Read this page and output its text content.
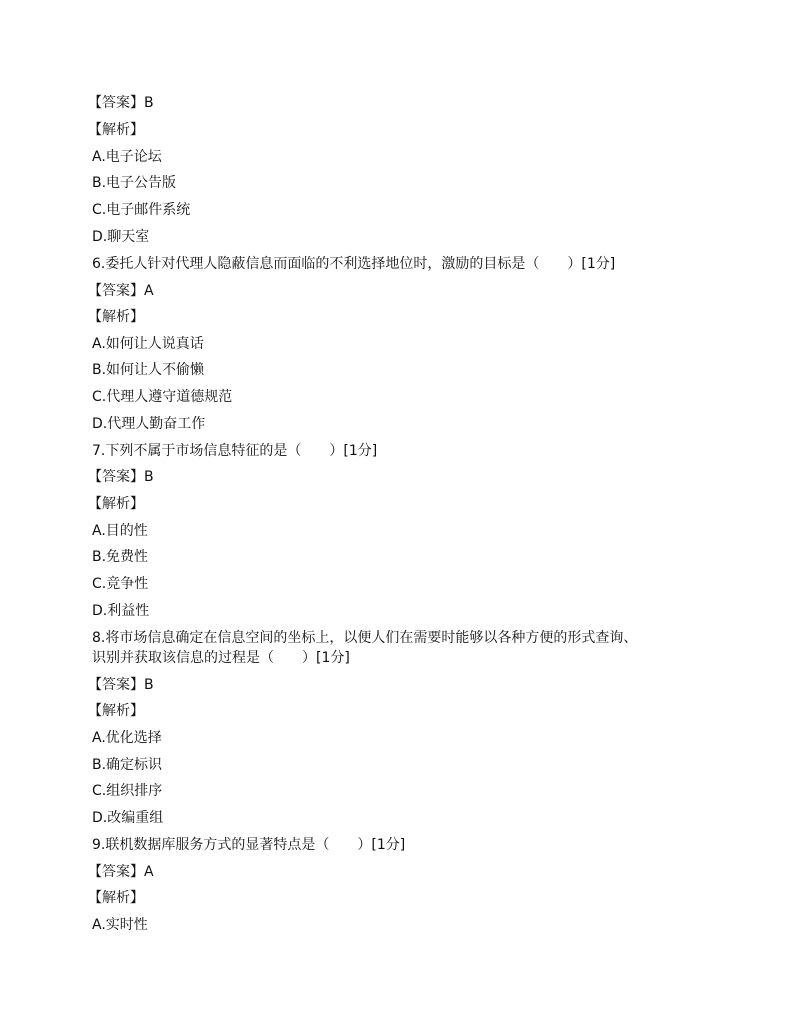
【答案】B
【解析】
A.电子论坛
B.电子公告版
C.电子邮件系统
D.聊天室
6.委托人针对代理人隐蔽信息而面临的不利选择地位时，激励的目标是（　　）[1分]
【答案】A
【解析】
A.如何让人说真话
B.如何让人不偷懒
C.代理人遵守道德规范
D.代理人勤奋工作
7.下列不属于市场信息特征的是（　　）[1分]
【答案】B
【解析】
A.目的性
B.免费性
C.竞争性
D.利益性
8.将市场信息确定在信息空间的坐标上，以便人们在需要时能够以各种方便的形式查询、
识别并获取该信息的过程是（　　）[1分]
【答案】B
【解析】
A.优化选择
B.确定标识
C.组织排序
D.改编重组
9.联机数据库服务方式的显著特点是（　　）[1分]
【答案】A
【解析】
A.实时性
